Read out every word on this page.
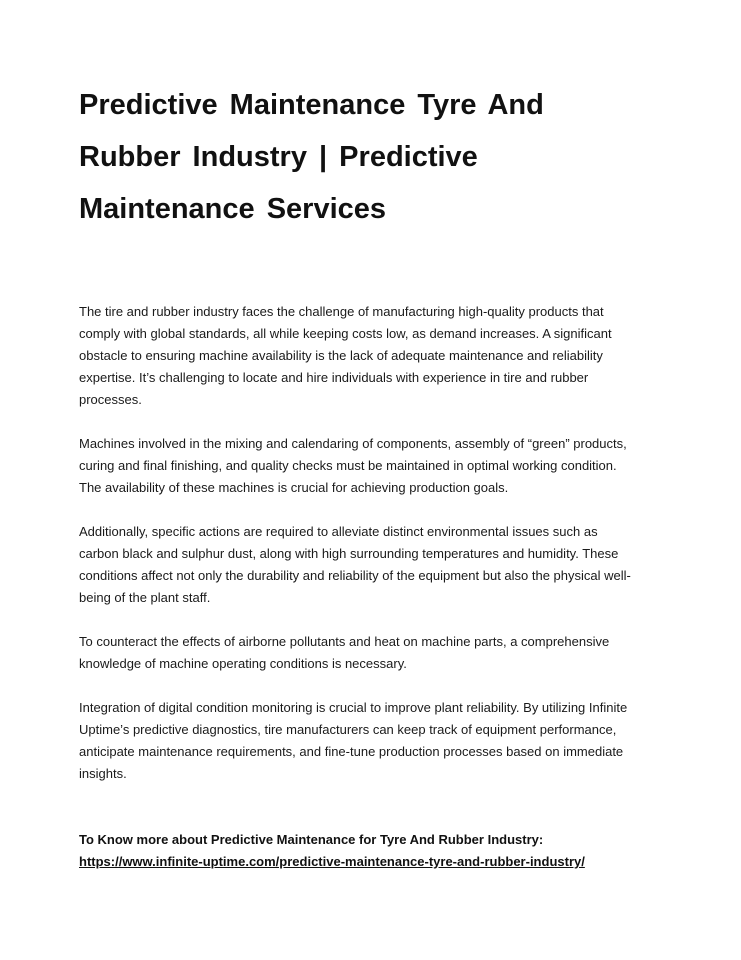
Predictive Maintenance Tyre And Rubber Industry | Predictive Maintenance Services

The tire and rubber industry faces the challenge of manufacturing high-quality products that comply with global standards, all while keeping costs low, as demand increases. A significant obstacle to ensuring machine availability is the lack of adequate maintenance and reliability expertise. It’s challenging to locate and hire individuals with experience in tire and rubber processes.

Machines involved in the mixing and calendaring of components, assembly of “green” products, curing and final finishing, and quality checks must be maintained in optimal working condition. The availability of these machines is crucial for achieving production goals.

Additionally, specific actions are required to alleviate distinct environmental issues such as carbon black and sulphur dust, along with high surrounding temperatures and humidity. These conditions affect not only the durability and reliability of the equipment but also the physical well-being of the plant staff.

To counteract the effects of airborne pollutants and heat on machine parts, a comprehensive knowledge of machine operating conditions is necessary.

Integration of digital condition monitoring is crucial to improve plant reliability. By utilizing Infinite Uptime’s predictive diagnostics, tire manufacturers can keep track of equipment performance, anticipate maintenance requirements, and fine-tune production processes based on immediate insights.

To Know more about Predictive Maintenance for Tyre And Rubber Industry:
https://www.infinite-uptime.com/predictive-maintenance-tyre-and-rubber-industry/
